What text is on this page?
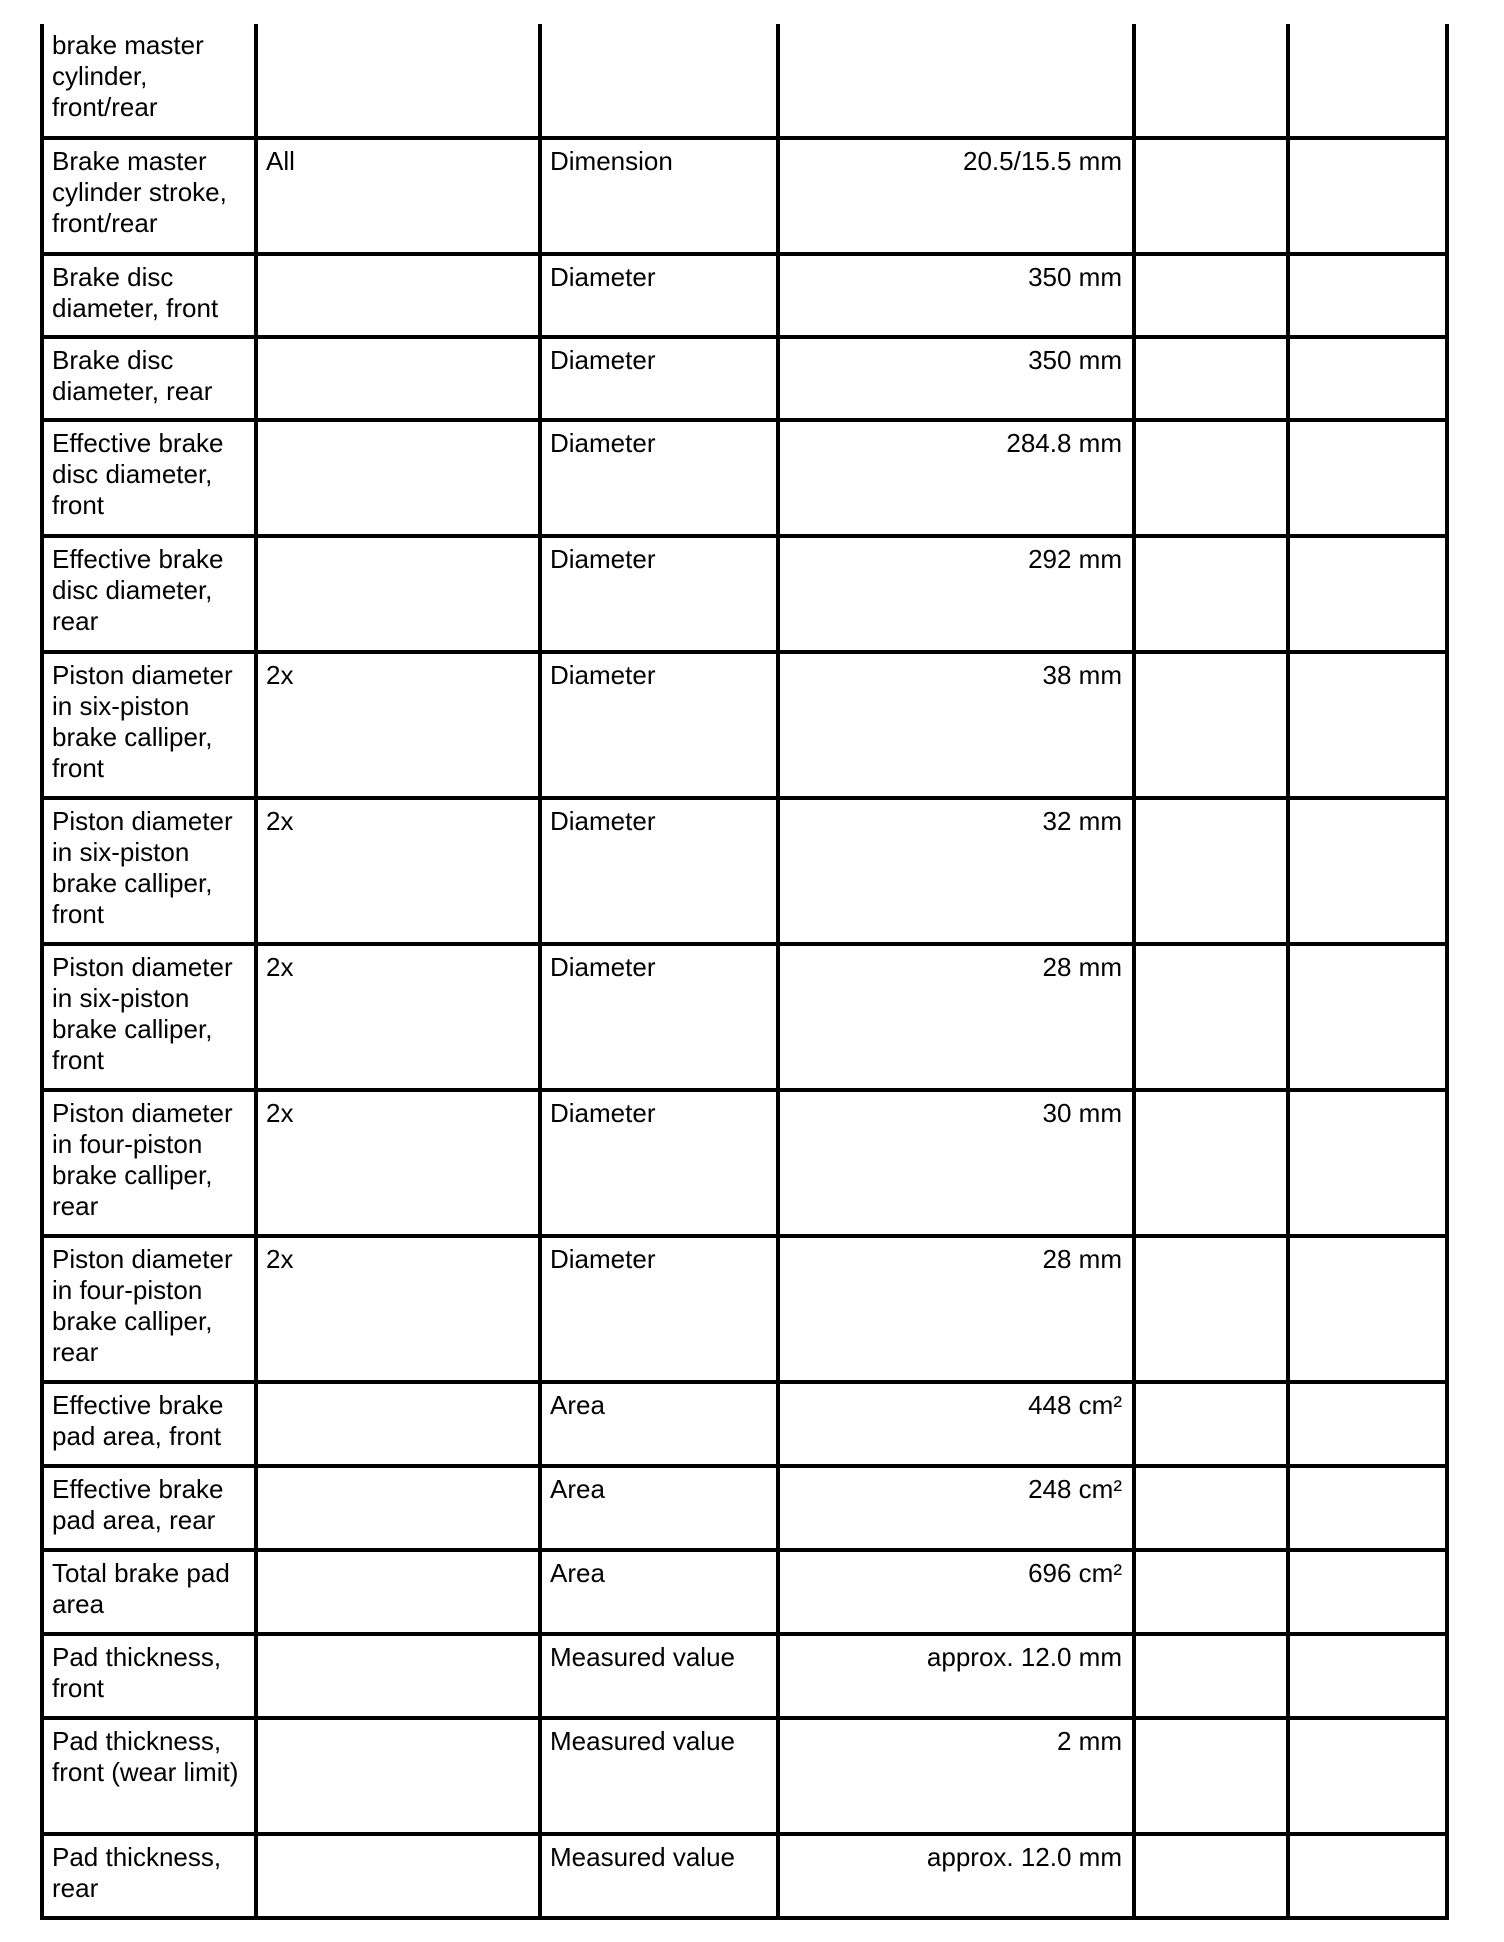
brake master cylinder, front/rear					
Brake master cylinder stroke, front/rear	All	Dimension	20.5/15.5 mm		
Brake disc diameter, front		Diameter	350 mm		
Brake disc diameter, rear		Diameter	350 mm		
Effective brake disc diameter, front		Diameter	284.8 mm		
Effective brake disc diameter, rear		Diameter	292 mm		
Piston diameter in six-piston brake calliper, front	2x	Diameter	38 mm		
Piston diameter in six-piston brake calliper, front	2x	Diameter	32 mm		
Piston diameter in six-piston brake calliper, front	2x	Diameter	28 mm		
Piston diameter in four-piston brake calliper, rear	2x	Diameter	30 mm		
Piston diameter in four-piston brake calliper, rear	2x	Diameter	28 mm		
Effective brake pad area, front		Area	448 cm²		
Effective brake pad area, rear		Area	248 cm²		
Total brake pad area		Area	696 cm²		
Pad thickness, front		Measured value	approx. 12.0 mm		
Pad thickness, front (wear limit)		Measured value	2 mm		
Pad thickness, rear		Measured value	approx. 12.0 mm		
